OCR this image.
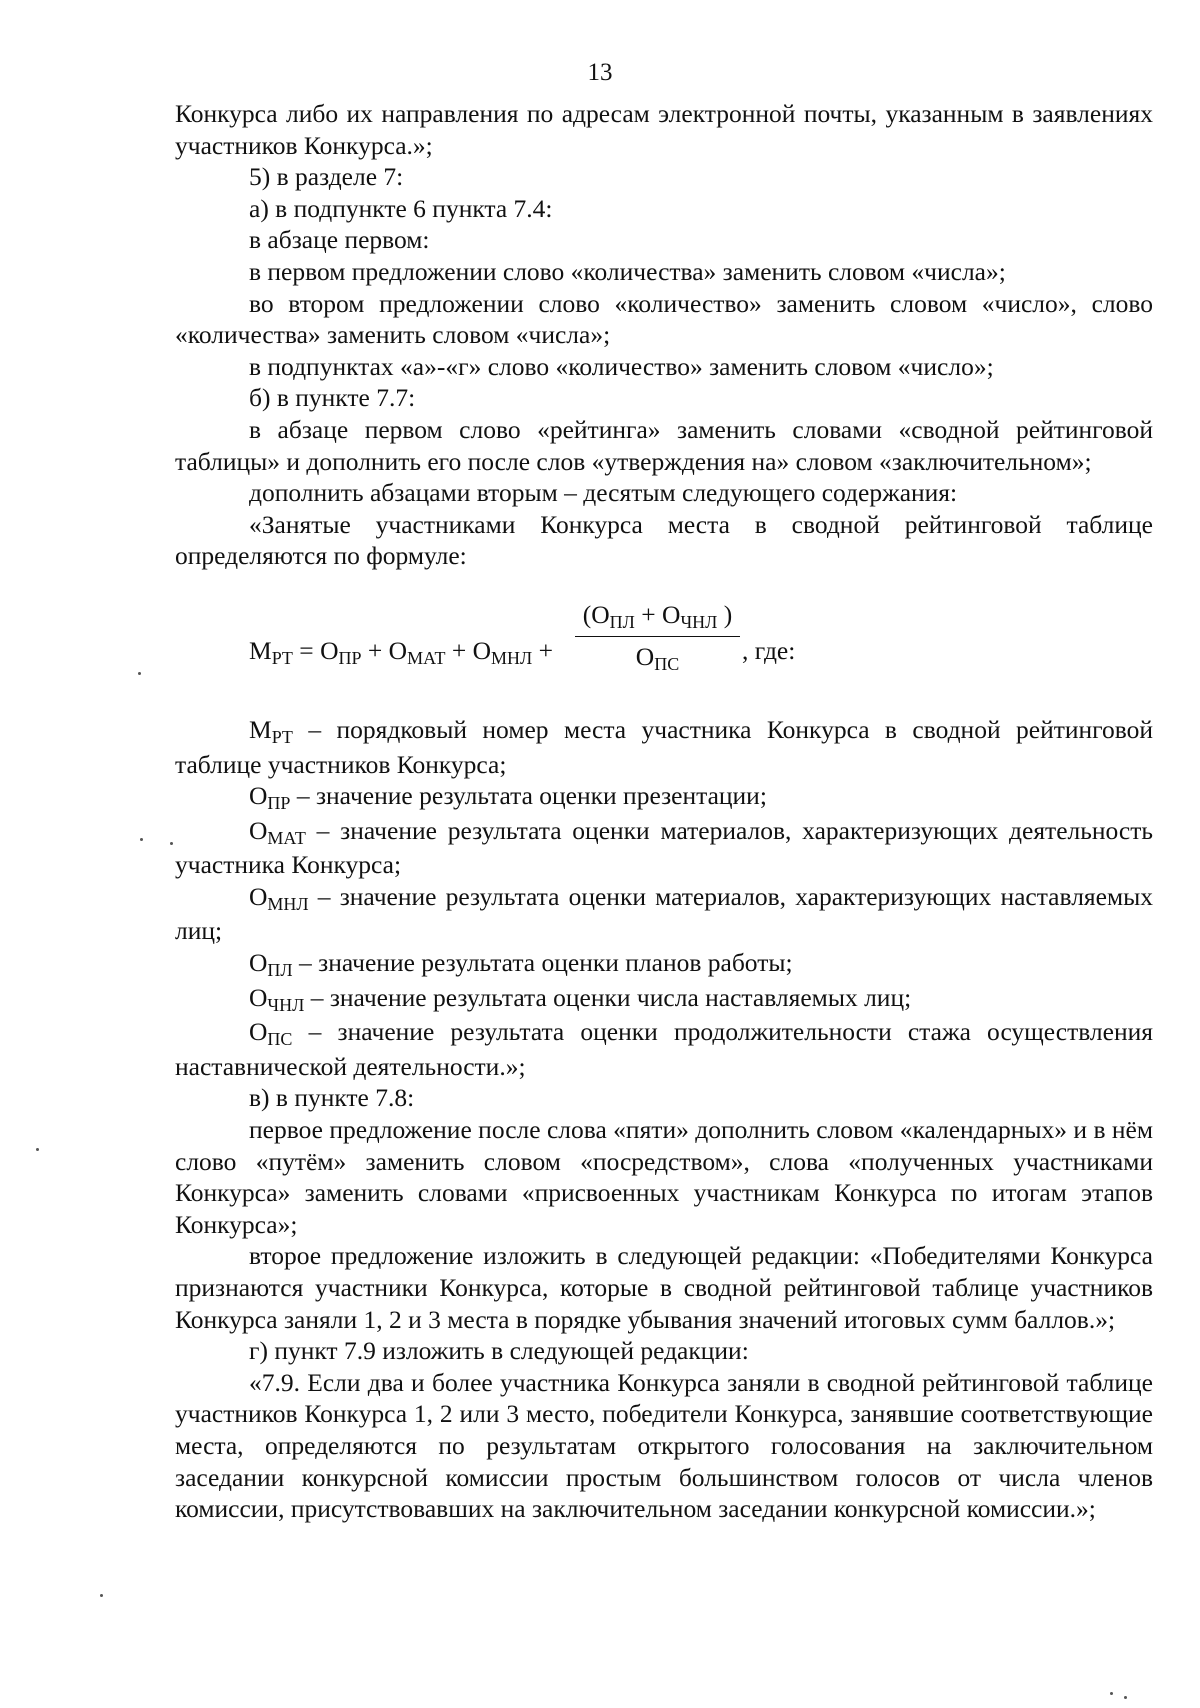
13

Конкурса либо их направления по адресам электронной почты, указанным в заявлениях участников Конкурса.»;

5) в разделе 7:

а) в подпункте 6 пункта 7.4:

в абзаце первом:

в первом предложении слово «количества» заменить словом «числа»;

во втором предложении слово «количество» заменить словом «число», слово «количества» заменить словом «числа»;

в подпунктах «а»-«г» слово «количество» заменить словом «число»;

б) в пункте 7.7:

в абзаце первом слово «рейтинга» заменить словами «сводной рейтинговой таблицы» и дополнить его после слов «утверждения на» словом «заключительном»;

дополнить абзацами вторым – десятым следующего содержания:

«Занятые участниками Конкурса места в сводной рейтинговой таблице определяются по формуле:

МРТ = ОПР + ОМАТ + ОМНЛ +
(ОПЛ + ОЧНЛ )
ОПС	, где:

МРТ – порядковый номер места участника Конкурса в сводной рейтинговой таблице участников Конкурса;

ОПР – значение результата оценки презентации;

ОМАТ – значение результата оценки материалов, характеризующих деятельность участника Конкурса;

ОМНЛ – значение результата оценки материалов, характеризующих наставляемых лиц;

ОПЛ – значение результата оценки планов работы;

ОЧНЛ – значение результата оценки числа наставляемых лиц;

ОПС – значение результата оценки продолжительности стажа осуществления наставнической деятельности.»;

в) в пункте 7.8:

первое предложение после слова «пяти» дополнить словом «календарных» и в нём слово «путём» заменить словом «посредством», слова «полученных участниками Конкурса» заменить словами «присвоенных участникам Конкурса по итогам этапов Конкурса»;

второе предложение изложить в следующей редакции: «Победителями Конкурса признаются участники Конкурса, которые в сводной рейтинговой таблице участников Конкурса заняли 1, 2 и 3 места в порядке убывания значений итоговых сумм баллов.»;

г) пункт 7.9 изложить в следующей редакции:

«7.9. Если два и более участника Конкурса заняли в сводной рейтинговой таблице участников Конкурса 1, 2 или 3 место, победители Конкурса, занявшие соответствующие места, определяются по результатам открытого голосования на заключительном заседании конкурсной комиссии простым большинством голосов от числа членов комиссии, присутствовавших на заключительном заседании конкурсной комиссии.»;
